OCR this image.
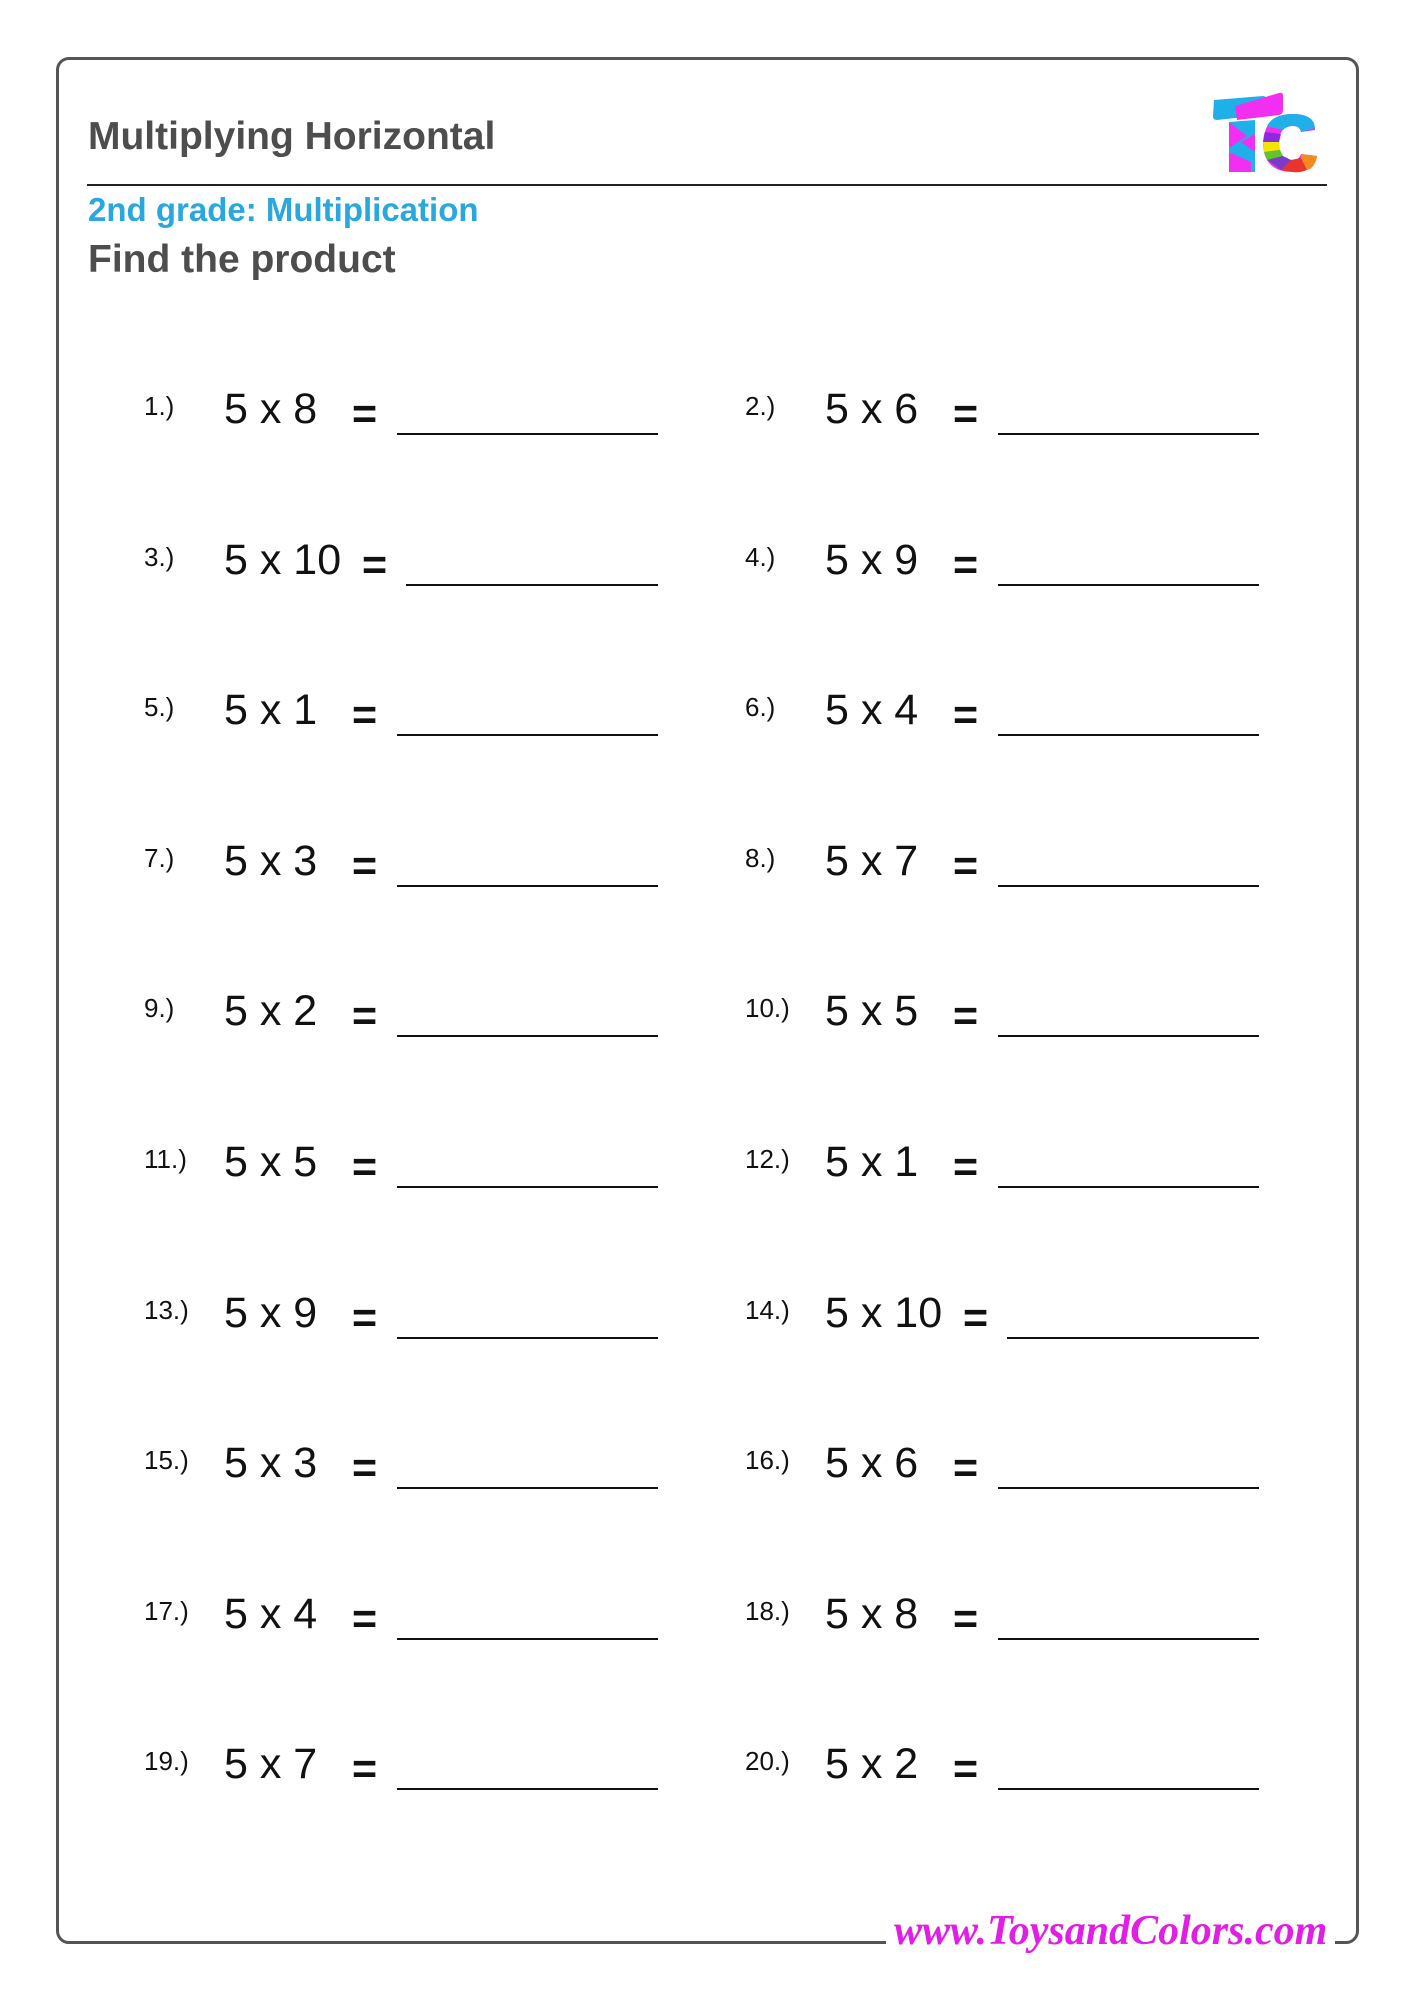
Multiplying Horizontal
2nd grade: Multiplication
Find the product
1.) 5 x 8 =	2.) 5 x 6 =
3.) 5 x 10 =	4.) 5 x 9 =
5.) 5 x 1 =	6.) 5 x 4 =
7.) 5 x 3 =	8.) 5 x 7 =
9.) 5 x 2 =	10.) 5 x 5 =
11.) 5 x 5 =	12.) 5 x 1 =
13.) 5 x 9 =	14.) 5 x 10 =
15.) 5 x 3 =	16.) 5 x 6 =
17.) 5 x 4 =	18.) 5 x 8 =
19.) 5 x 7 =	20.) 5 x 2 =
www.ToysandColors.com
